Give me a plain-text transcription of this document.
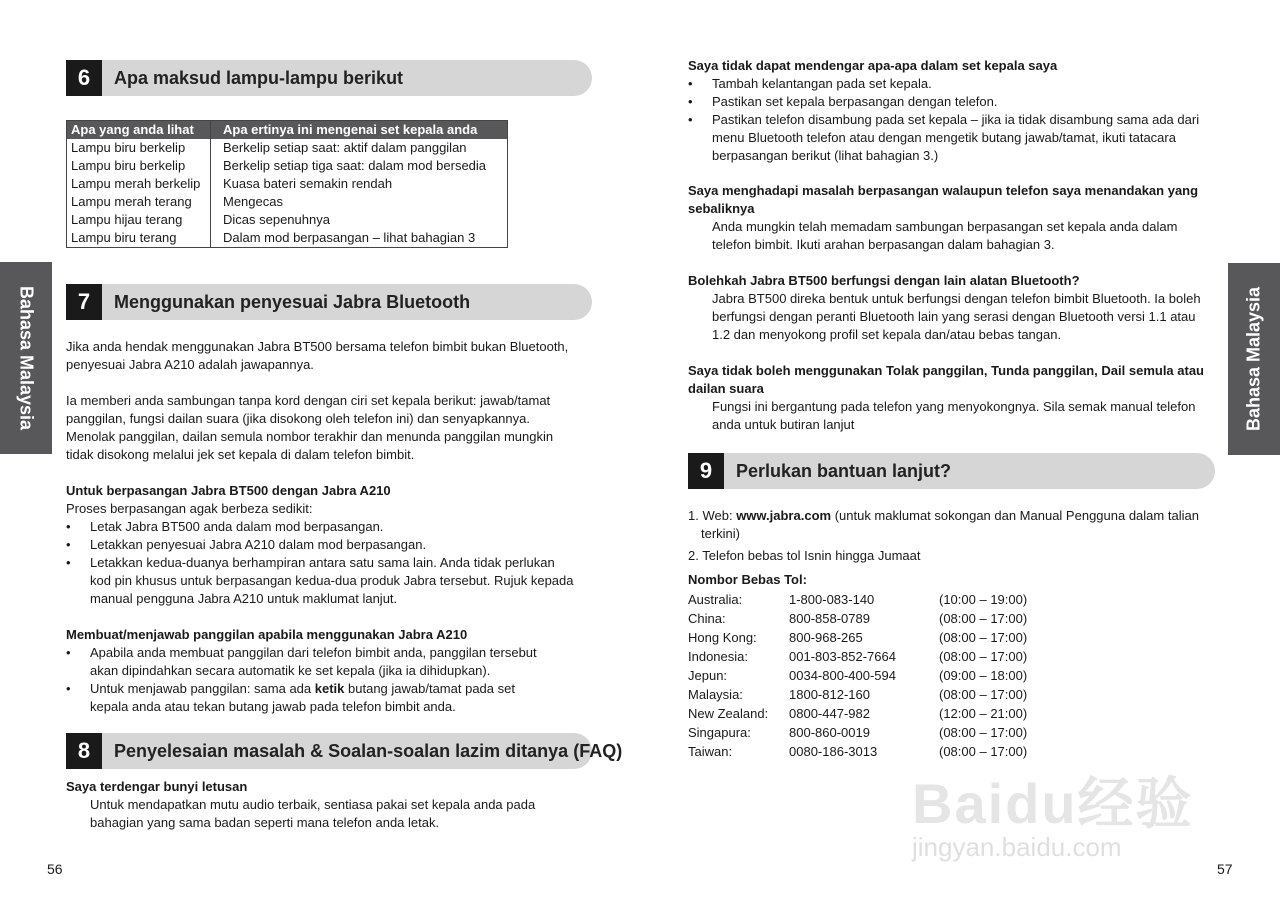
Bahasa Malaysia	Bahasa Malaysia
6	Apa maksud lampu-lampu berikut
Apa yang anda lihat	Apa ertinya ini mengenai set kepala anda
Lampu biru berkelip	Berkelip setiap saat: aktif dalam panggilan
Lampu biru berkelip	Berkelip setiap tiga saat: dalam mod bersedia
Lampu merah berkelip	Kuasa bateri semakin rendah
Lampu merah terang	Mengecas
Lampu hijau terang	Dicas sepenuhnya
Lampu biru terang	Dalam mod berpasangan – lihat bahagian 3
7	Menggunakan penyesuai Jabra Bluetooth
Jika anda hendak menggunakan Jabra BT500 bersama telefon bimbit bukan Bluetooth,
penyesuai Jabra A210 adalah jawapannya.
Ia memberi anda sambungan tanpa kord dengan ciri set kepala berikut: jawab/tamat
panggilan, fungsi dailan suara (jika disokong oleh telefon ini) dan senyapkannya.
Menolak panggilan, dailan semula nombor terakhir dan menunda panggilan mungkin
tidak disokong melalui jek set kepala di dalam telefon bimbit.
Untuk berpasangan Jabra BT500 dengan Jabra A210
Proses berpasangan agak berbeza sedikit:
• Letak Jabra BT500 anda dalam mod berpasangan.
• Letakkan penyesuai Jabra A210 dalam mod berpasangan.
• Letakkan kedua-duanya berhampiran antara satu sama lain. Anda tidak perlukan
kod pin khusus untuk berpasangan kedua-dua produk Jabra tersebut. Rujuk kepada
manual pengguna Jabra A210 untuk maklumat lanjut.
Membuat/menjawab panggilan apabila menggunakan Jabra A210
• Apabila anda membuat panggilan dari telefon bimbit anda, panggilan tersebut
akan dipindahkan secara automatik ke set kepala (jika ia dihidupkan).
• Untuk menjawab panggilan: sama ada ketik butang jawab/tamat pada set
kepala anda atau tekan butang jawab pada telefon bimbit anda.
8	Penyelesaian masalah & Soalan-soalan lazim ditanya (FAQ)
Saya terdengar bunyi letusan
Untuk mendapatkan mutu audio terbaik, sentiasa pakai set kepala anda pada
bahagian yang sama badan seperti mana telefon anda letak.
56
Saya tidak dapat mendengar apa-apa dalam set kepala saya
• Tambah kelantangan pada set kepala.
• Pastikan set kepala berpasangan dengan telefon.
• Pastikan telefon disambung pada set kepala – jika ia tidak disambung sama ada dari
menu Bluetooth telefon atau dengan mengetik butang jawab/tamat, ikuti tatacara
berpasangan berikut (lihat bahagian 3.)
Saya menghadapi masalah berpasangan walaupun telefon saya menandakan yang
sebaliknya
Anda mungkin telah memadam sambungan berpasangan set kepala anda dalam
telefon bimbit. Ikuti arahan berpasangan dalam bahagian 3.
Bolehkah Jabra BT500 berfungsi dengan lain alatan Bluetooth?
Jabra BT500 direka bentuk untuk berfungsi dengan telefon bimbit Bluetooth. Ia boleh
berfungsi dengan peranti Bluetooth lain yang serasi dengan Bluetooth versi 1.1 atau
1.2 dan menyokong profil set kepala dan/atau bebas tangan.
Saya tidak boleh menggunakan Tolak panggilan, Tunda panggilan, Dail semula atau
dailan suara
Fungsi ini bergantung pada telefon yang menyokongnya. Sila semak manual telefon
anda untuk butiran lanjut
9	Perlukan bantuan lanjut?
1. Web: www.jabra.com (untuk maklumat sokongan dan Manual Pengguna dalam talian
terkini)
2. Telefon bebas tol Isnin hingga Jumaat
Nombor Bebas Tol:
Australia:	1-800-083-140	(10:00 – 19:00)
China:	800-858-0789	(08:00 – 17:00)
Hong Kong:	800-968-265	(08:00 – 17:00)
Indonesia:	001-803-852-7664	(08:00 – 17:00)
Jepun:	0034-800-400-594	(09:00 – 18:00)
Malaysia:	1800-812-160	(08:00 – 17:00)
New Zealand:	0800-447-982	(12:00 – 21:00)
Singapura:	800-860-0019	(08:00 – 17:00)
Taiwan:	0080-186-3013	(08:00 – 17:00)
Baidu经验
jingyan.baidu.com
57
